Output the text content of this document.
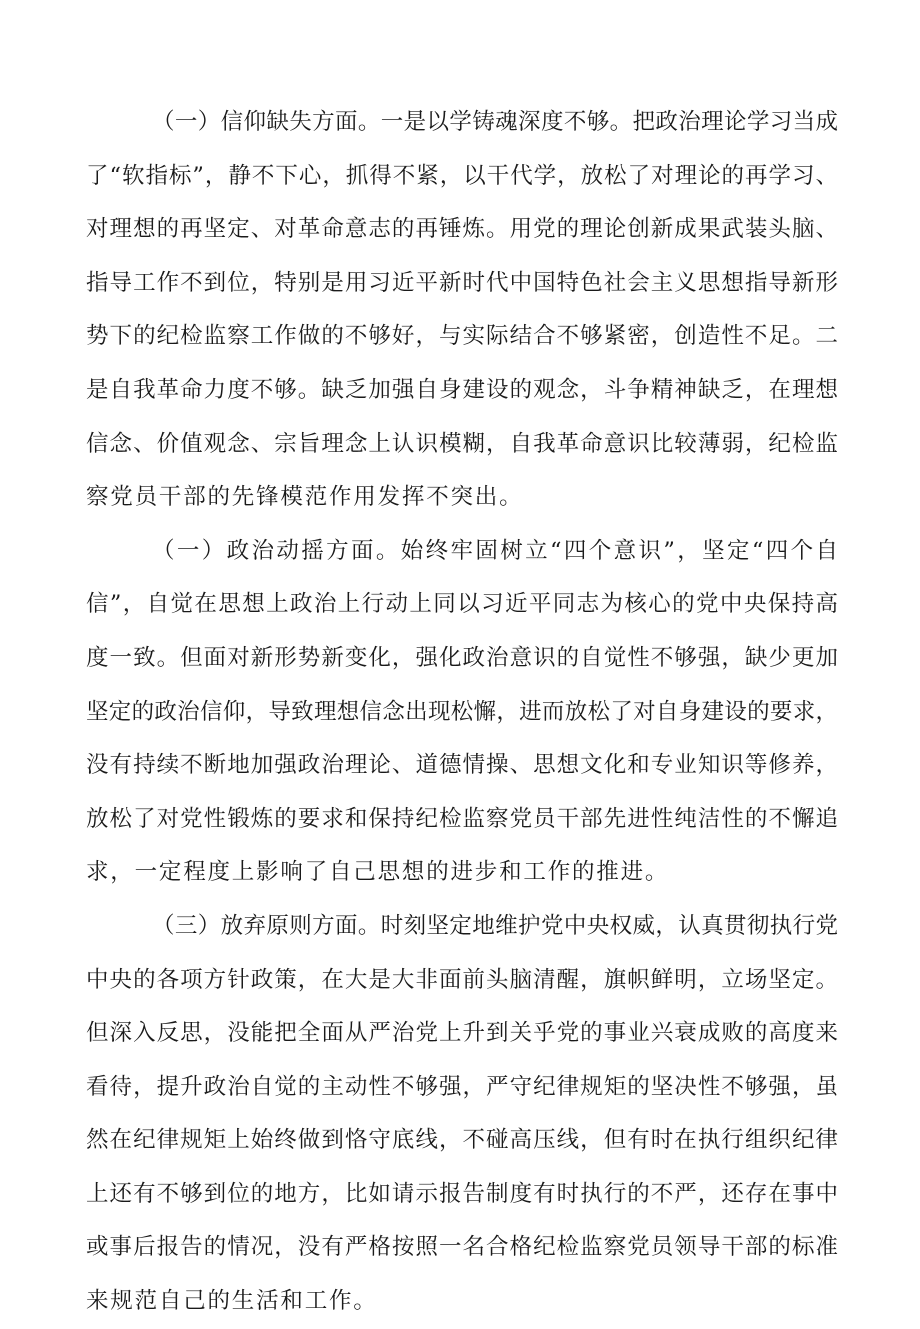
（一）信仰缺失方面。一是以学铸魂深度不够。把政治理论学习当成
了“软指标”，静不下心，抓得不紧，以干代学，放松了对理论的再学习、
对理想的再坚定、对革命意志的再锤炼。用党的理论创新成果武装头脑、
指导工作不到位，特别是用习近平新时代中国特色社会主义思想指导新形
势下的纪检监察工作做的不够好，与实际结合不够紧密，创造性不足。二
是自我革命力度不够。缺乏加强自身建设的观念，斗争精神缺乏，在理想
信念、价值观念、宗旨理念上认识模糊，自我革命意识比较薄弱，纪检监
察党员干部的先锋模范作用发挥不突出。
（一）政治动摇方面。始终牢固树立“四个意识”，坚定“四个自
信”，自觉在思想上政治上行动上同以习近平同志为核心的党中央保持高
度一致。但面对新形势新变化，强化政治意识的自觉性不够强，缺少更加
坚定的政治信仰，导致理想信念出现松懈，进而放松了对自身建设的要求，
没有持续不断地加强政治理论、道德情操、思想文化和专业知识等修养，
放松了对党性锻炼的要求和保持纪检监察党员干部先进性纯洁性的不懈追
求，一定程度上影响了自己思想的进步和工作的推进。
（三）放弃原则方面。时刻坚定地维护党中央权威，认真贯彻执行党
中央的各项方针政策，在大是大非面前头脑清醒，旗帜鲜明，立场坚定。
但深入反思，没能把全面从严治党上升到关乎党的事业兴衰成败的高度来
看待，提升政治自觉的主动性不够强，严守纪律规矩的坚决性不够强，虽
然在纪律规矩上始终做到恪守底线，不碰高压线，但有时在执行组织纪律
上还有不够到位的地方，比如请示报告制度有时执行的不严，还存在事中
或事后报告的情况，没有严格按照一名合格纪检监察党员领导干部的标准
来规范自己的生活和工作。
